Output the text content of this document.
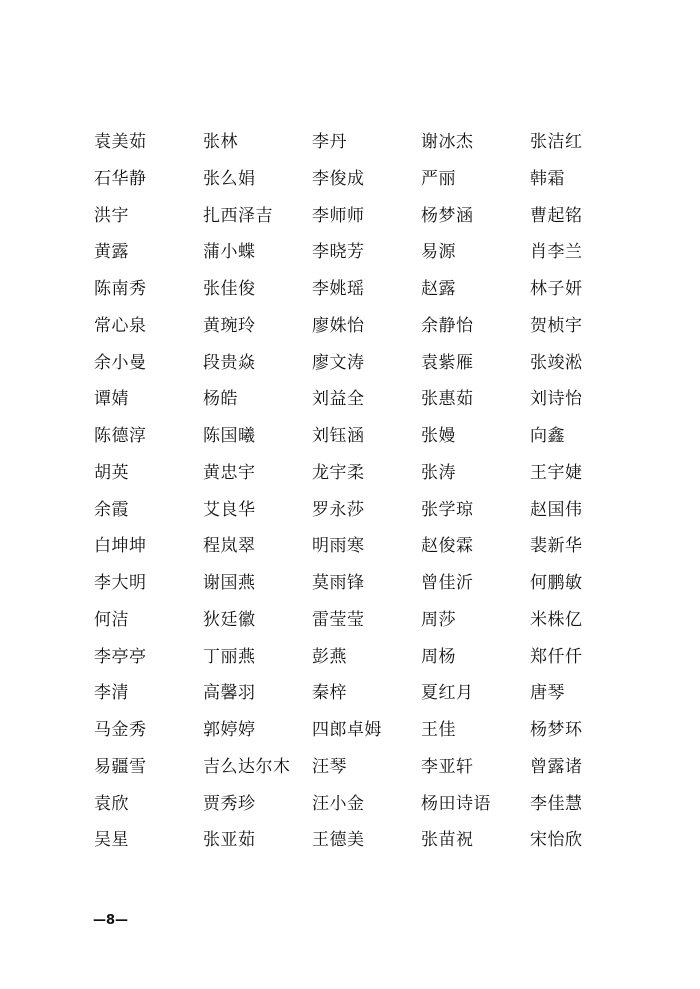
袁美茹	张林	李丹	谢冰杰	张洁红
石华静	张么娟	李俊成	严丽	韩霜
洪宇	扎西泽吉	李师师	杨梦涵	曹起铭
黄露	蒲小蝶	李晓芳	易源	肖李兰
陈南秀	张佳俊	李姚瑶	赵露	林子妍
常心泉	黄琬玲	廖姝怡	余静怡	贺桢宇
余小曼	段贵焱	廖文涛	袁紫雁	张竣淞
谭婧	杨皓	刘益全	张惠茹	刘诗怡
陈德淳	陈国曦	刘钰涵	张嫚	向鑫
胡英	黄忠宇	龙宇柔	张涛	王宇婕
余霞	艾良华	罗永莎	张学琼	赵国伟
白坤坤	程岚翠	明雨寒	赵俊霖	裴新华
李大明	谢国燕	莫雨锋	曾佳沂	何鹏敏
何洁	狄廷徽	雷莹莹	周莎	米株亿
李亭亭	丁丽燕	彭燕	周杨	郑仟仟
李清	高馨羽	秦梓	夏红月	唐琴
马金秀	郭婷婷	四郎卓姆	王佳	杨梦环
易疆雪	吉么达尔木	汪琴	李亚轩	曾露诸
袁欣	贾秀珍	汪小金	杨田诗语	李佳慧
吴星	张亚茹	王德美	张苗祝	宋怡欣
—8—
